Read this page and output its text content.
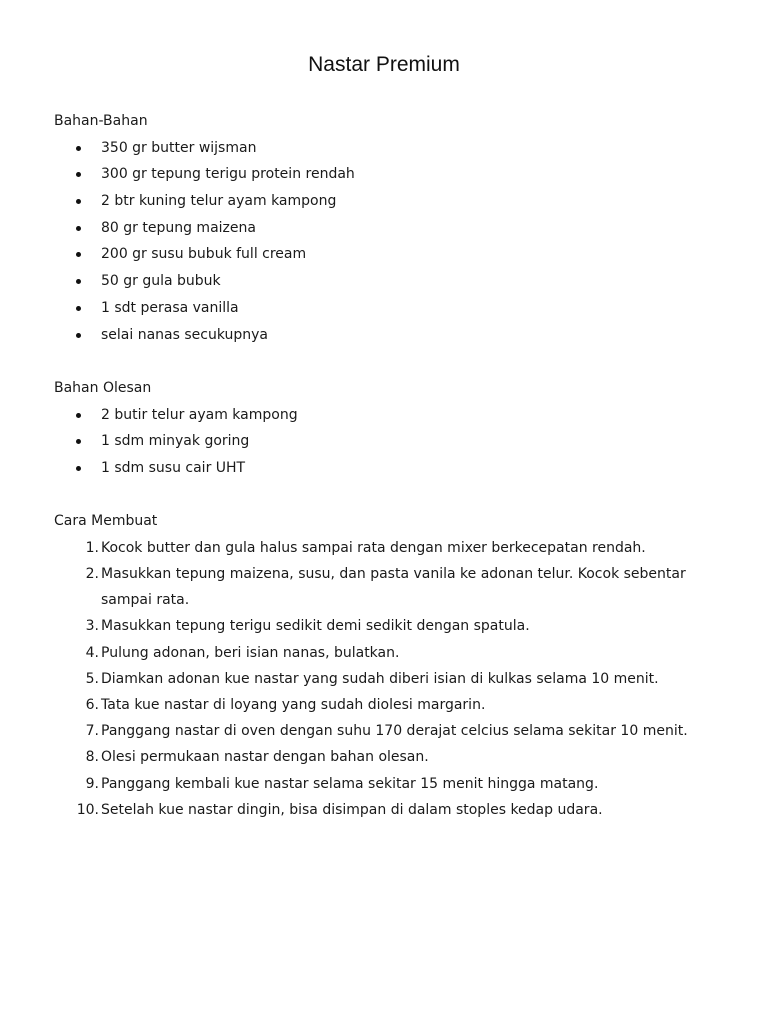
Nastar Premium
Bahan-Bahan
350 gr butter wijsman
300 gr tepung terigu protein rendah
2 btr kuning telur ayam kampong
80 gr tepung maizena
200 gr susu bubuk full cream
50 gr gula bubuk
1 sdt perasa vanilla
selai nanas secukupnya
Bahan Olesan
2 butir telur ayam kampong
1 sdm minyak goring
1 sdm susu cair UHT
Cara Membuat
1. Kocok butter dan gula halus sampai rata dengan mixer berkecepatan rendah.
2. Masukkan tepung maizena, susu, dan pasta vanila ke adonan telur. Kocok sebentar sampai rata.
3. Masukkan tepung terigu sedikit demi sedikit dengan spatula.
4. Pulung adonan, beri isian nanas, bulatkan.
5. Diamkan adonan kue nastar yang sudah diberi isian di kulkas selama 10 menit.
6. Tata kue nastar di loyang yang sudah diolesi margarin.
7. Panggang nastar di oven dengan suhu 170 derajat celcius selama sekitar 10 menit.
8. Olesi permukaan nastar dengan bahan olesan.
9. Panggang kembali kue nastar selama sekitar 15 menit hingga matang.
10. Setelah kue nastar dingin, bisa disimpan di dalam stoples kedap udara.
